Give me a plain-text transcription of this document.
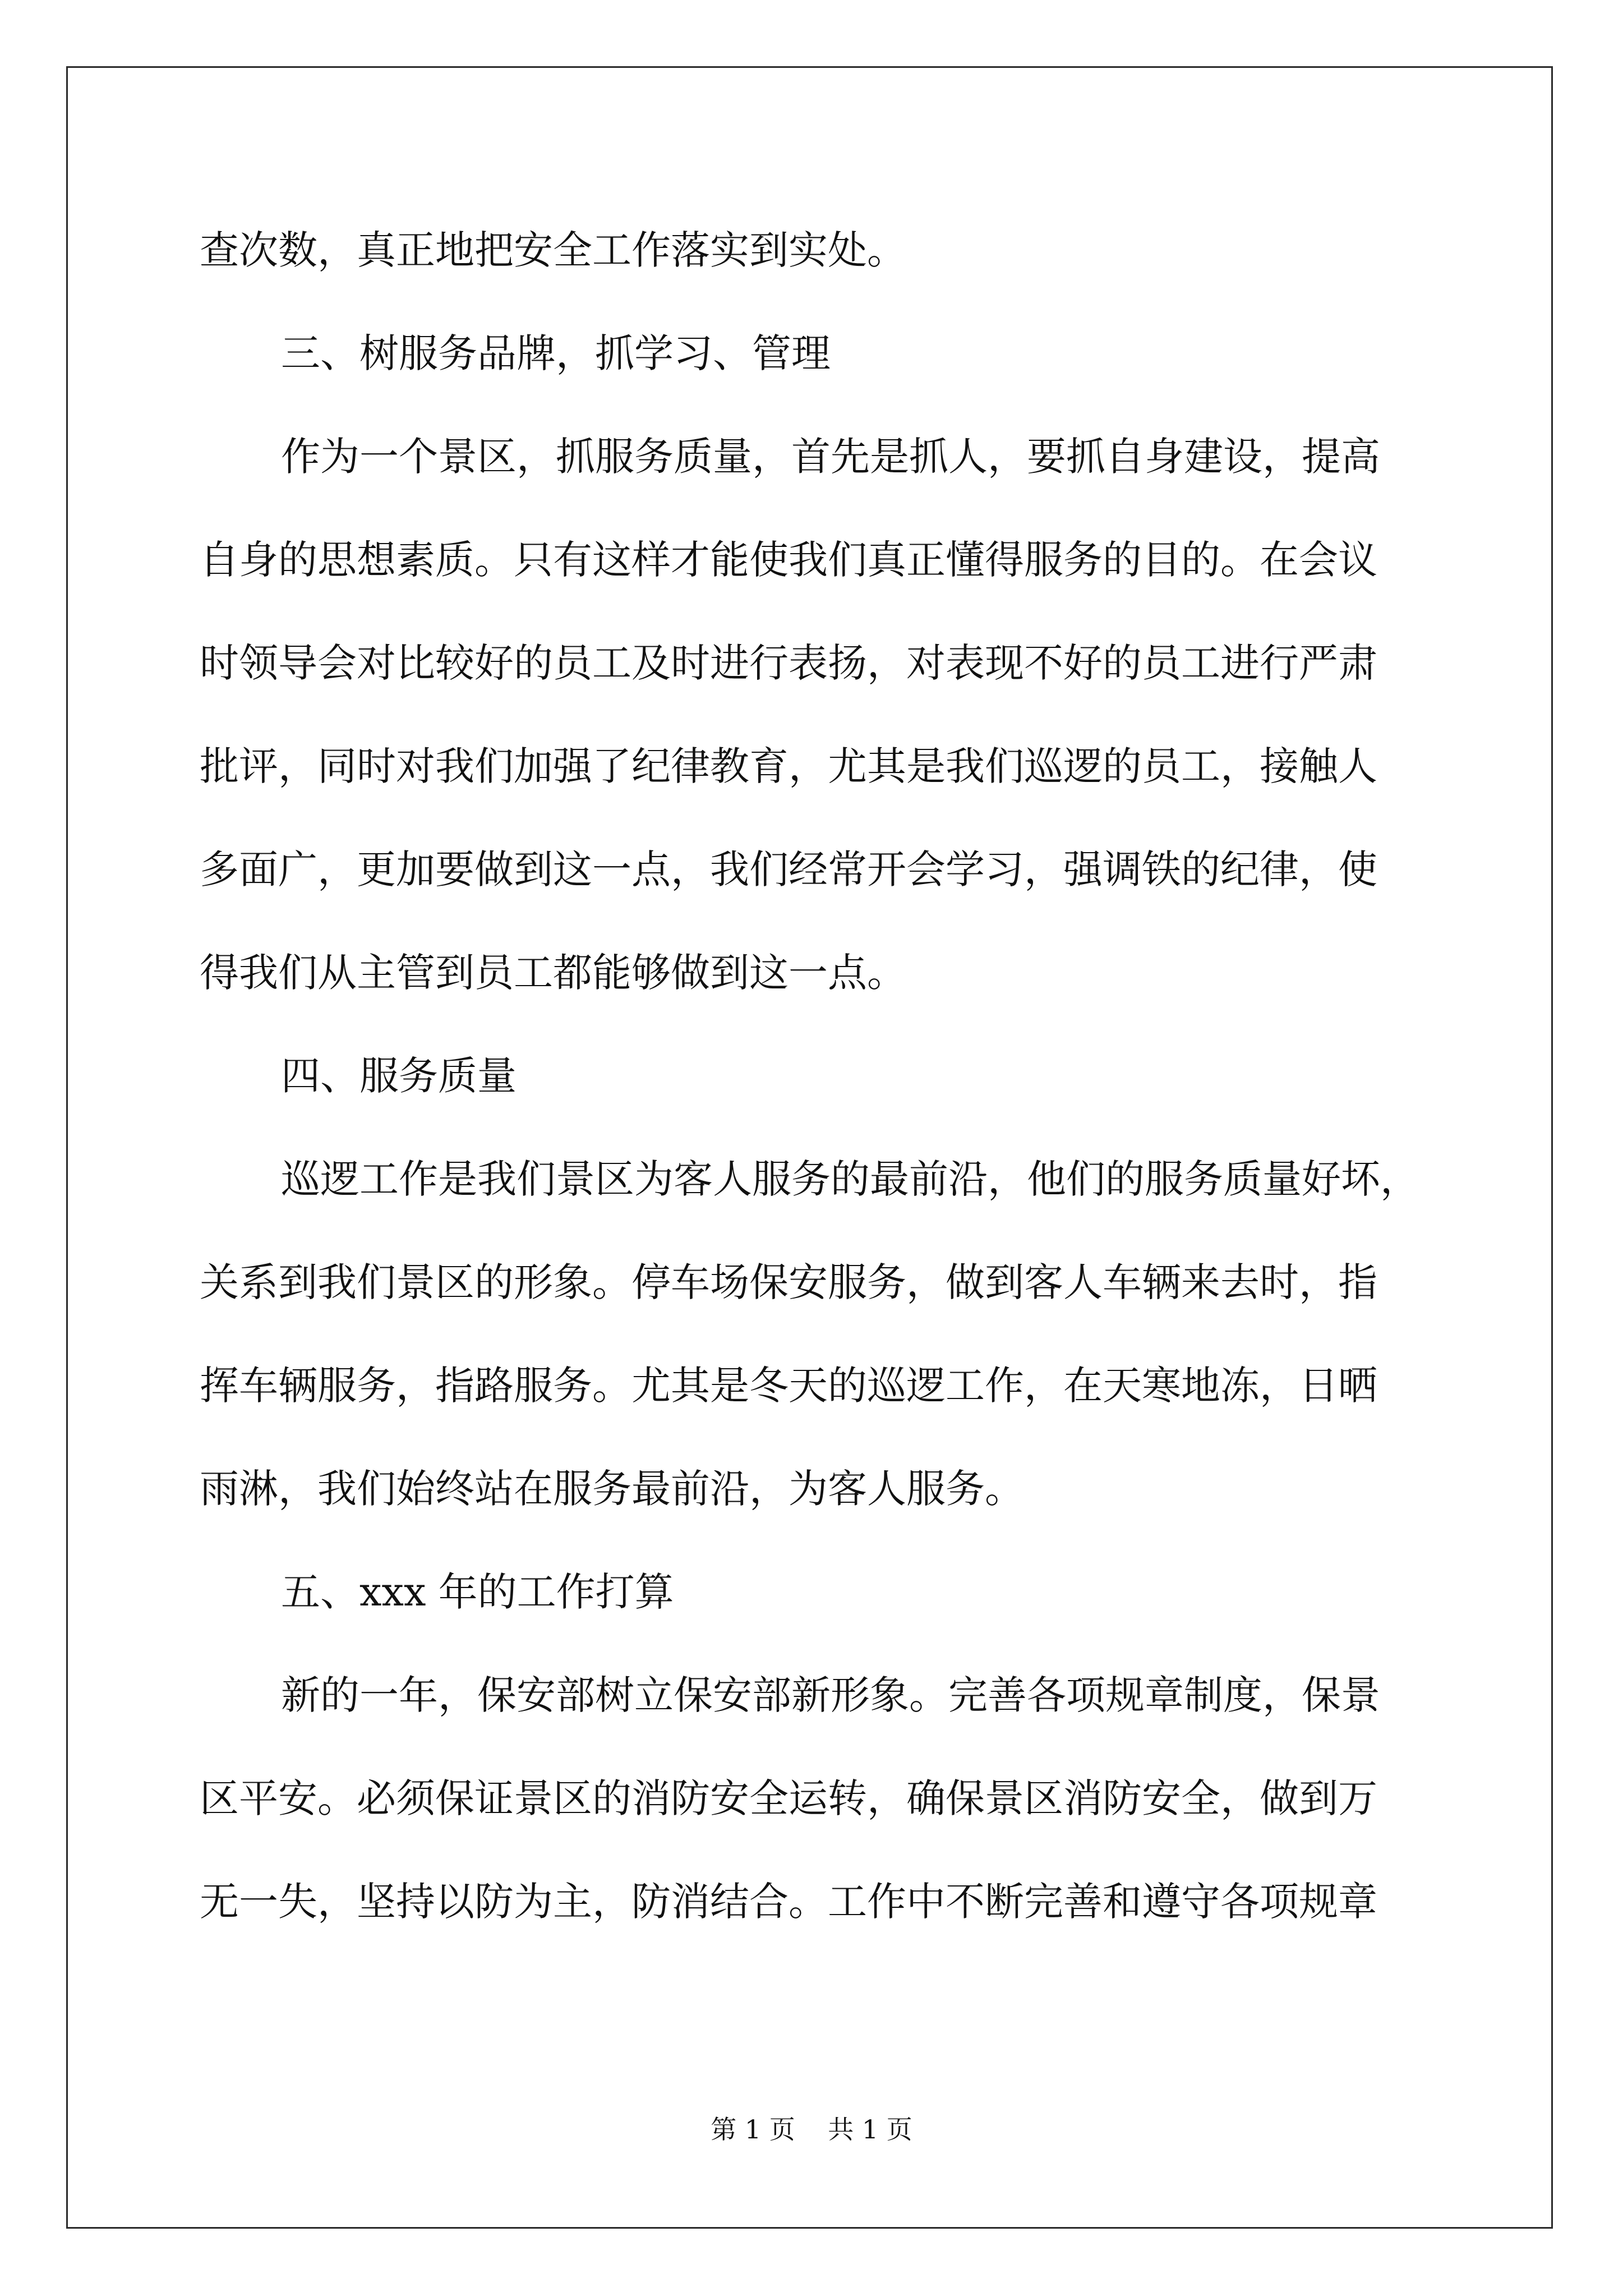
查次数，真正地把安全工作落实到实处。
三、树服务品牌，抓学习、管理
作为一个景区，抓服务质量，首先是抓人，要抓自身建设，提高
自身的思想素质。只有这样才能使我们真正懂得服务的目的。在会议
时领导会对比较好的员工及时进行表扬，对表现不好的员工进行严肃
批评，同时对我们加强了纪律教育，尤其是我们巡逻的员工，接触人
多面广，更加要做到这一点，我们经常开会学习，强调铁的纪律，使
得我们从主管到员工都能够做到这一点。
四、服务质量
巡逻工作是我们景区为客人服务的最前沿，他们的服务质量好坏，
关系到我们景区的形象。停车场保安服务，做到客人车辆来去时，指
挥车辆服务，指路服务。尤其是冬天的巡逻工作，在天寒地冻，日晒
雨淋，我们始终站在服务最前沿，为客人服务。
五、xxx 年的工作打算
新的一年，保安部树立保安部新形象。完善各项规章制度，保景
区平安。必须保证景区的消防安全运转，确保景区消防安全，做到万
无一失，坚持以防为主，防消结合。工作中不断完善和遵守各项规章
第 1 页    共 1 页
